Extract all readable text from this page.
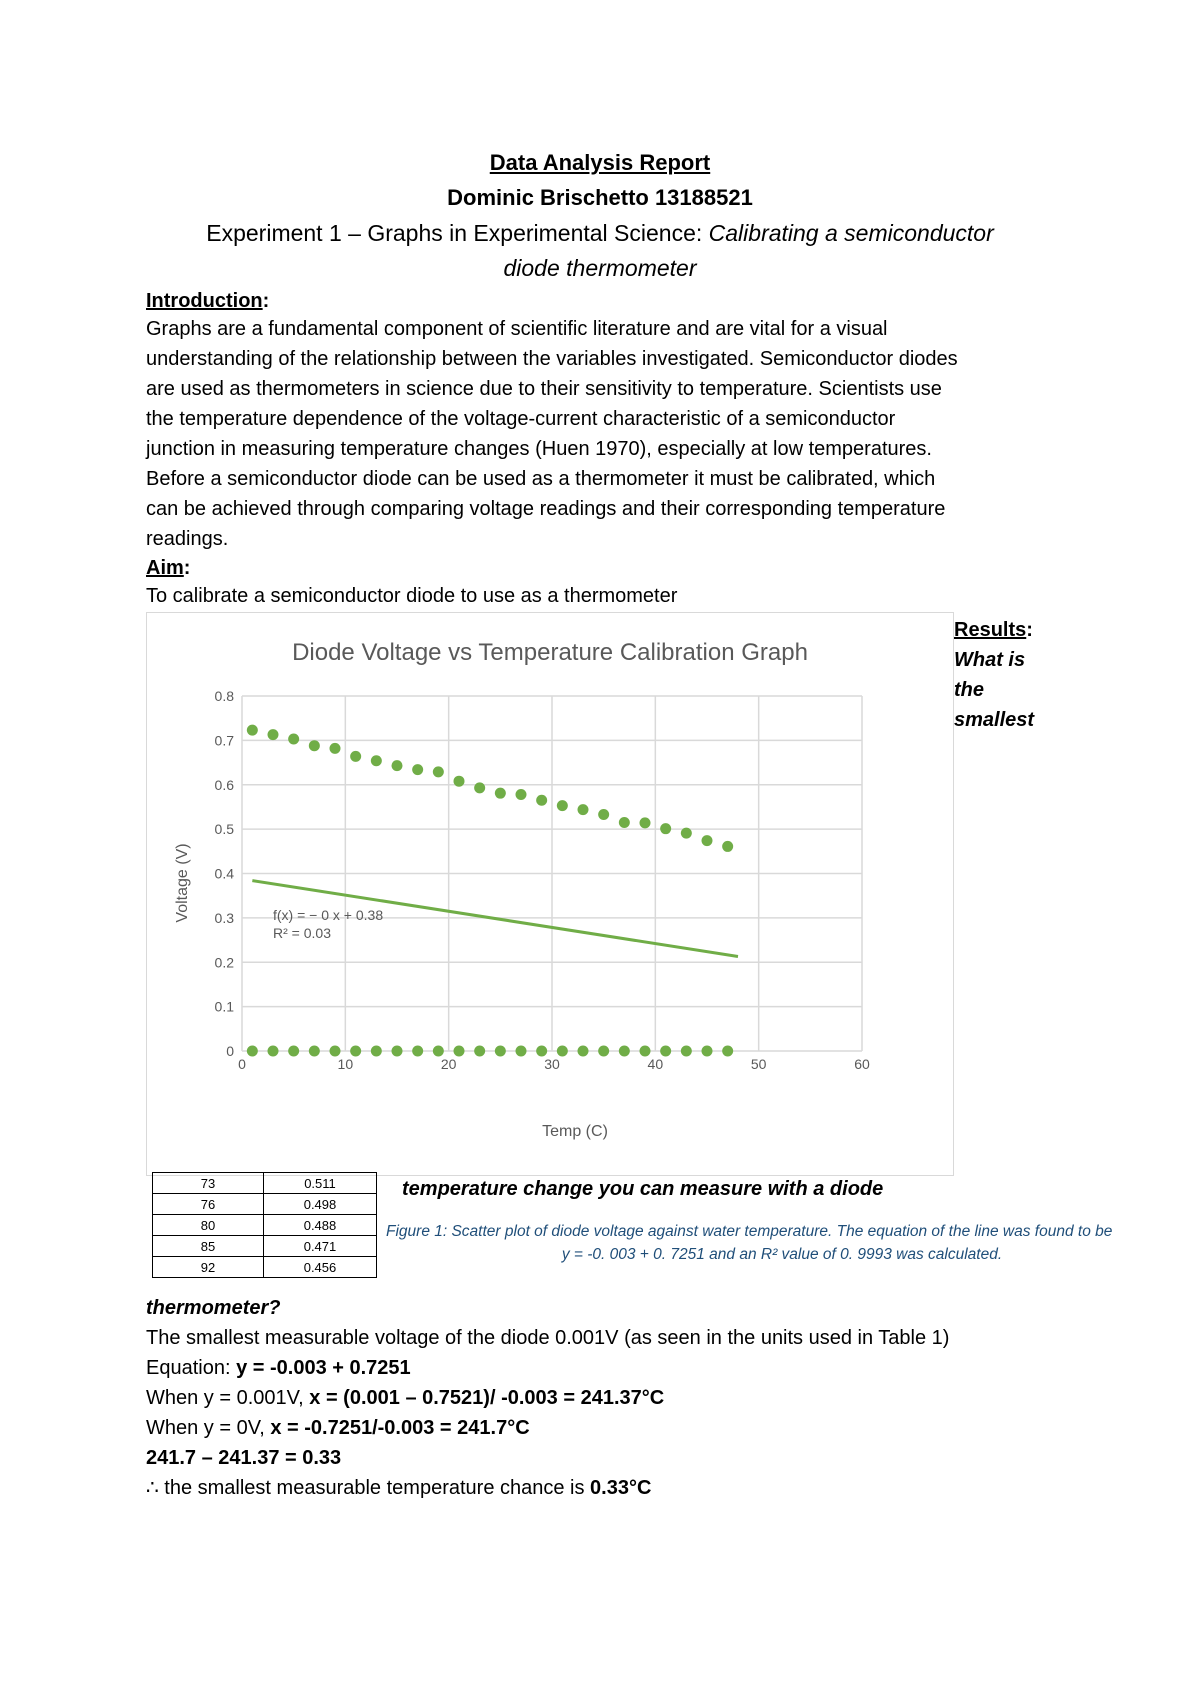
Data Analysis Report
Dominic Brischetto 13188521
Experiment 1 – Graphs in Experimental Science: Calibrating a semiconductor
diode thermometer
Introduction:
Graphs are a fundamental component of scientific literature and are vital for a visual
understanding of the relationship between the variables investigated. Semiconductor diodes
are used as thermometers in science due to their sensitivity to temperature. Scientists use
the temperature dependence of the voltage-current characteristic of a semiconductor
junction in measuring temperature changes (Huen 1970), especially at low temperatures.
Before a semiconductor diode can be used as a thermometer it must be calibrated, which
can be achieved through comparing voltage readings and their corresponding temperature
readings.
Aim:
To calibrate a semiconductor diode to use as a thermometer
0
0.1
0.2
0.3
0.4
0.5
0.6
0.7
0.8
0	10	20	30	40	50	60
Diode Voltage vs Temperature Calibration Graph
Temp (C)
Voltage (V)	f(x) = − 0 x + 0.38
R² = 0.03
Results:
What is
the
smallest
73	0.511
76	0.498
80	0.488
85	0.471
92	0.456
temperature change you can measure with a diode
Figure 1: Scatter plot of diode voltage against water temperature. The equation of the line was found to be
y = -0. 003 + 0. 7251 and an R² value of 0. 9993 was calculated.
thermometer?
The smallest measurable voltage of the diode 0.001V (as seen in the units used in Table 1)
Equation: y = -0.003 + 0.7251
When y = 0.001V, x = (0.001 – 0.7521)/ -0.003 = 241.37°C
When y = 0V, x = -0.7251/-0.003 = 241.7°C
241.7 – 241.37 = 0.33
∴ the smallest measurable temperature chance is 0.33°C
